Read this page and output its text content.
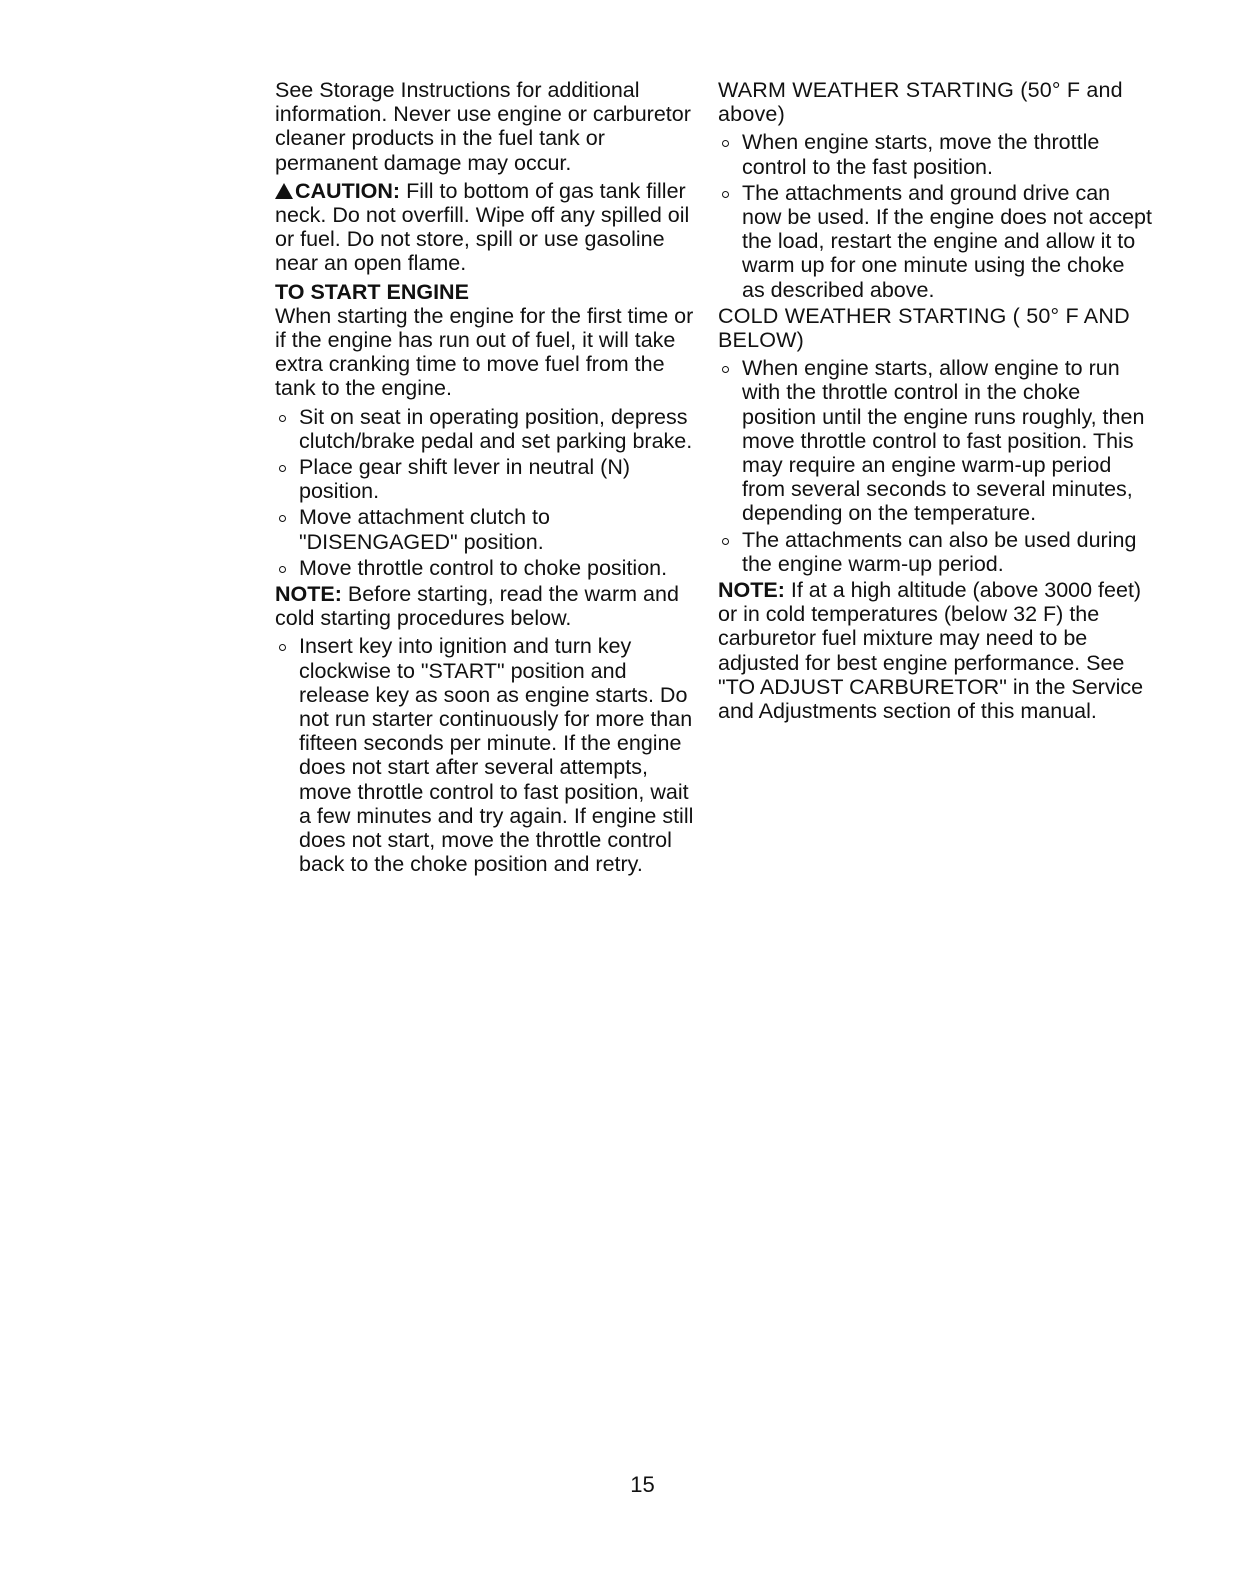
See Storage Instructions for additional information. Never use engine or carburetor cleaner products in the fuel tank or permanent damage may occur.

CAUTION: Fill to bottom of gas tank filler neck. Do not overfill. Wipe off any spilled oil or fuel. Do not store, spill or use gasoline near an open flame.

TO START ENGINE

When starting the engine for the first time or if the engine has run out of fuel, it will take extra cranking time to move fuel from the tank to the engine.

Sit on seat in operating position, depress clutch/brake pedal and set parking brake.
Place gear shift lever in neutral (N) position.
Move attachment clutch to "DISENGAGED" position.
Move throttle control to choke position.

NOTE: Before starting, read the warm and cold starting procedures below.

Insert key into ignition and turn key clockwise to "START" position and release key as soon as engine starts. Do not run starter continuously for more than fifteen seconds per minute. If the engine does not start after several attempts, move throttle control to fast position, wait a few minutes and try again. If engine still does not start, move the throttle control back to the choke position and retry.

WARM WEATHER STARTING (50° F and above)

When engine starts, move the throttle control to the fast position.
The attachments and ground drive can now be used. If the engine does not accept the load, restart the engine and allow it to warm up for one minute using the choke as described above.

COLD WEATHER STARTING ( 50° F AND BELOW)

When engine starts, allow engine to run with the throttle control in the choke position until the engine runs roughly, then move throttle control to fast position. This may require an engine warm-up period from several seconds to several minutes, depending on the temperature.
The attachments can also be used during the engine warm-up period.

NOTE: If at a high altitude (above 3000 feet) or in cold temperatures (below 32 F) the carburetor fuel mixture may need to be adjusted for best engine performance. See "TO ADJUST CARBURETOR" in the Service and Adjustments section of this manual.

15
